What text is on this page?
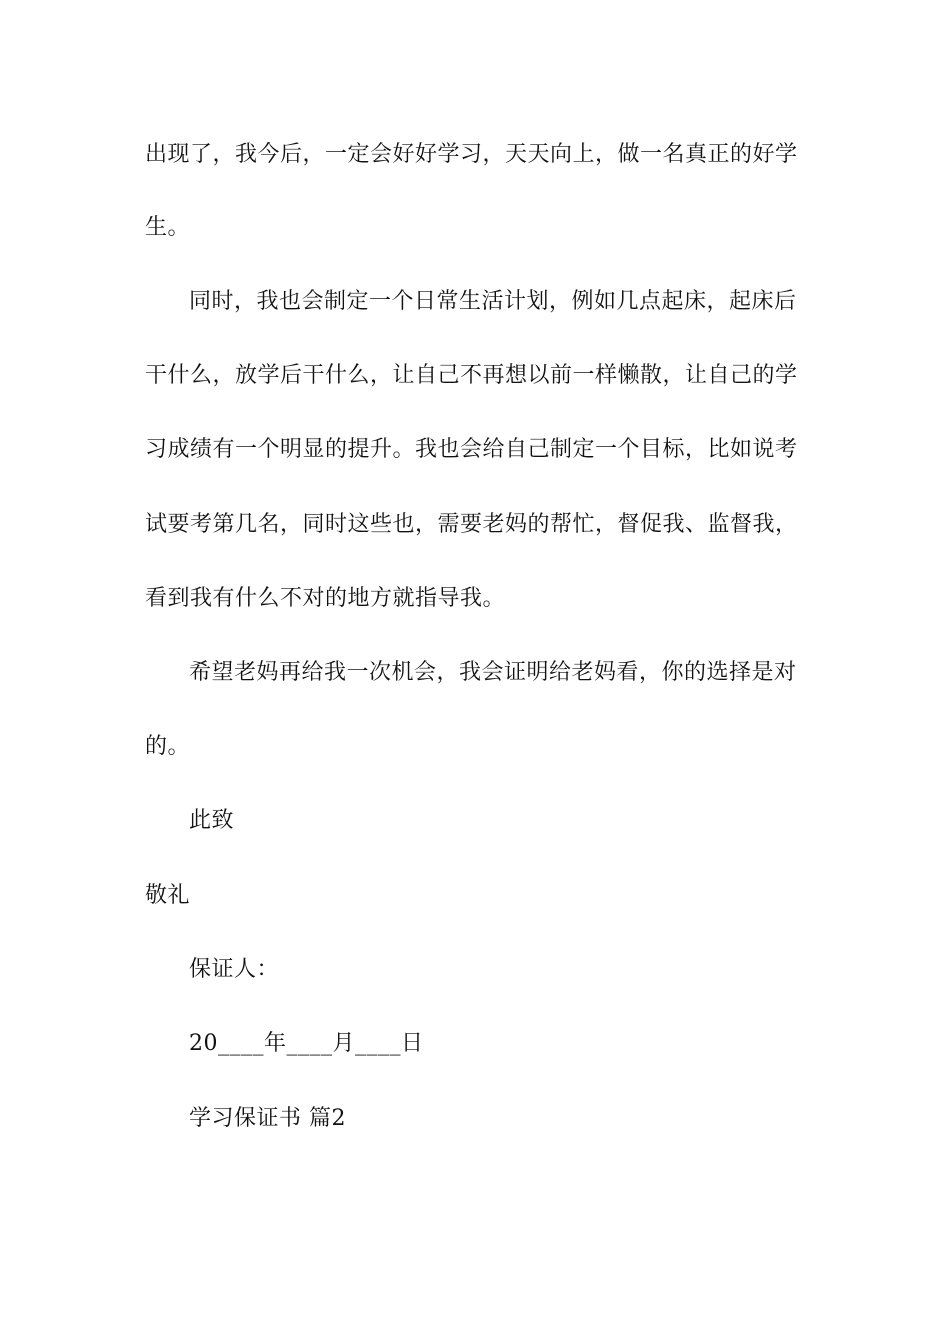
出现了，我今后，一定会好好学习，天天向上，做一名真正的好学
生。
同时，我也会制定一个日常生活计划，例如几点起床，起床后
干什么，放学后干什么，让自己不再想以前一样懒散，让自己的学
习成绩有一个明显的提升。我也会给自己制定一个目标，比如说考
试要考第几名，同时这些也，需要老妈的帮忙，督促我、监督我，
看到我有什么不对的地方就指导我。
希望老妈再给我一次机会，我会证明给老妈看，你的选择是对
的。
此致
敬礼
保证人：
20____年____月____日
学习保证书 篇2
